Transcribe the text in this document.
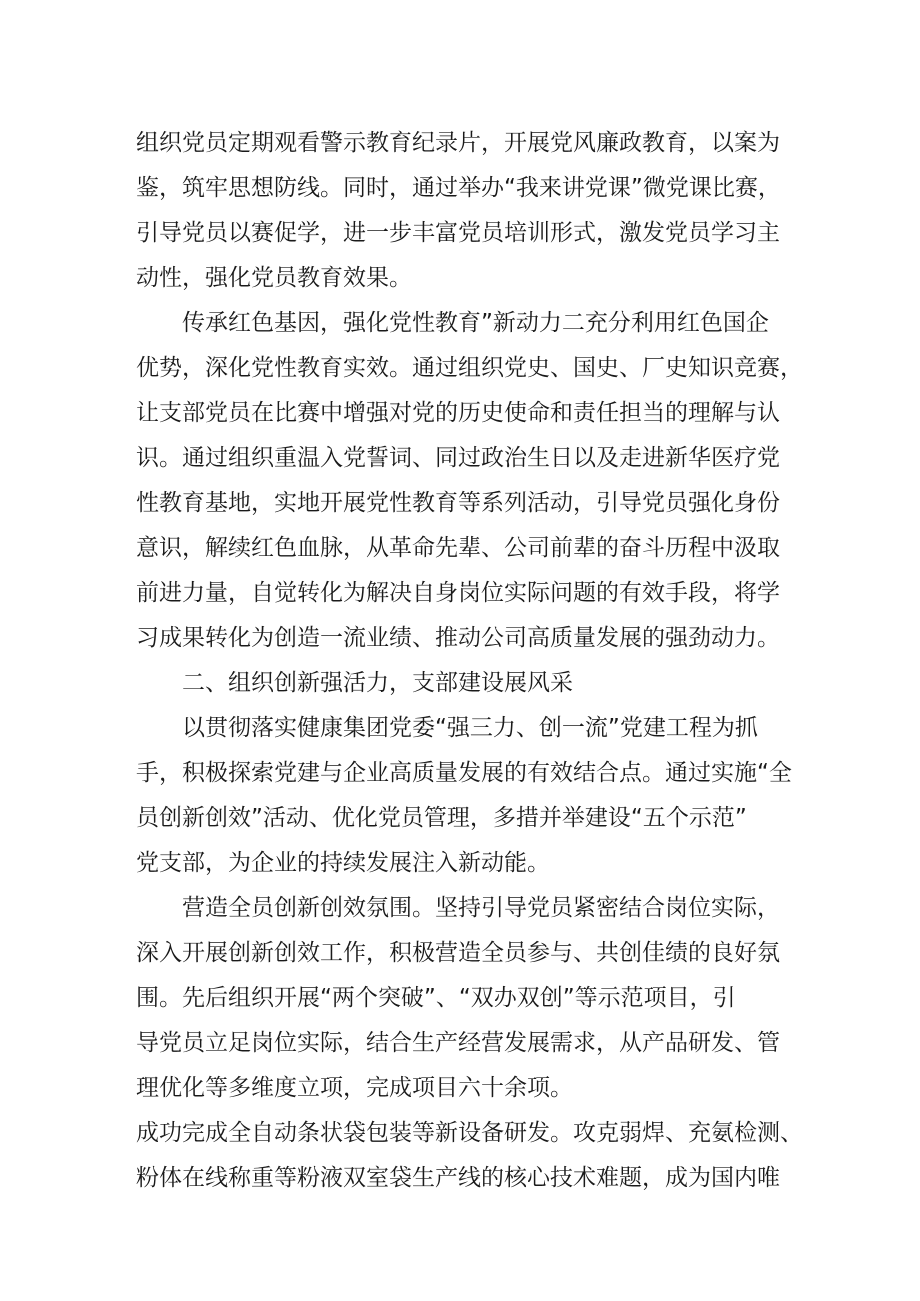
组织党员定期观看警示教育纪录片，开展党风廉政教育，以案为
鉴，筑牢思想防线。同时，通过举办“我来讲党课”微党课比赛，
引导党员以赛促学，进一步丰富党员培训形式，激发党员学习主
动性，强化党员教育效果。
传承红色基因，强化党性教育”新动力二充分利用红色国企
优势，深化党性教育实效。通过组织党史、国史、厂史知识竞赛，
让支部党员在比赛中增强对党的历史使命和责任担当的理解与认
识。通过组织重温入党誓词、同过政治生日以及走进新华医疗党
性教育基地，实地开展党性教育等系列活动，引导党员强化身份
意识，解续红色血脉，从革命先辈、公司前辈的奋斗历程中汲取
前进力量，自觉转化为解决自身岗位实际问题的有效手段，将学
习成果转化为创造一流业绩、推动公司高质量发展的强劲动力。
二、组织创新强活力，支部建设展风采
以贯彻落实健康集团党委“强三力、创一流”党建工程为抓
手，积极探索党建与企业高质量发展的有效结合点。通过实施“全
员创新创效”活动、优化党员管理，多措并举建设“五个示范”
党支部，为企业的持续发展注入新动能。
营造全员创新创效氛围。坚持引导党员紧密结合岗位实际，
深入开展创新创效工作，积极营造全员参与、共创佳绩的良好氛
围。先后组织开展“两个突破”、“双办双创”等示范项目，引
导党员立足岗位实际，结合生产经营发展需求，从产品研发、管
理优化等多维度立项，完成项目六十余项。
成功完成全自动条状袋包装等新设备研发。攻克弱焊、充氨检测、
粉体在线称重等粉液双室袋生产线的核心技术难题，成为国内唯
